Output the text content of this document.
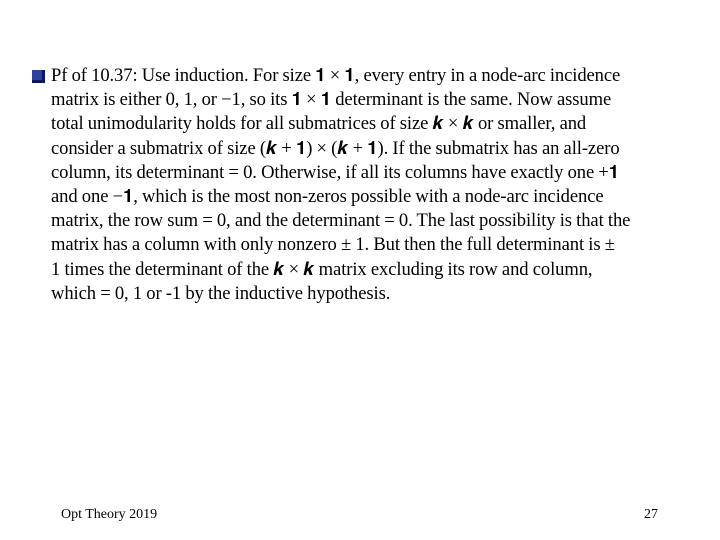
Pf of 10.37: Use induction. For size 𝟏 × 𝟏, every entry in a node-arc incidence
matrix is either 0, 1, or −1, so its 𝟏 × 𝟏 determinant is the same. Now assume
total unimodularity holds for all submatrices of size 𝒌 × 𝒌 or smaller, and
consider a submatrix of size (𝒌 + 𝟏) × (𝒌 + 𝟏). If the submatrix has an all-zero
column, its determinant = 0. Otherwise, if all its columns have exactly one +𝟏
and one −𝟏, which is the most non-zeros possible with a node-arc incidence
matrix, the row sum = 0, and the determinant = 0. The last possibility is that the
matrix has a column with only nonzero ± 1. But then the full determinant is ±
1 times the determinant of the 𝒌 × 𝒌 matrix excluding its row and column,
which = 0, 1 or -1 by the inductive hypothesis.
Opt Theory 2019	27
